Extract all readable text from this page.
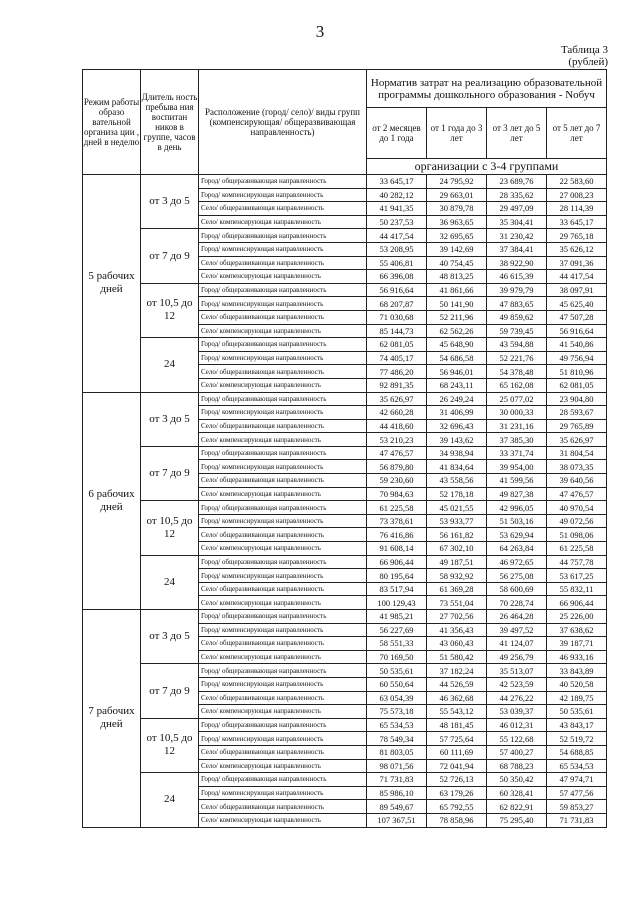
3
Таблица 3
(рублей)
Режим работы образо вательной организа ции , дней в неделю	Длитель ность пребыва ния воспитан ников в группе, часов в день	Расположение (город/ село)/ виды групп (компенсирующая/ общеразвивающая направленность)	Норматив затрат на реализацию образовательной программы дошкольного образования - Nобуч			
			от 2 месяцев до 1 года	от 1 года до 3 лет	от 3 лет до 5 лет	от 5 лет до 7 лет
			организации с 3-4 группами			
5 рабочих дней	от 3 до 5	Город/ общеразвивающая направленность	33 645,17	24 795,92	23 689,76	22 583,60
		Город/ компенсирующая направленность	40 282,12	29 663,01	28 335,62	27 008,23
		Село/ общеразвивающая направленность	41 941,35	30 879,78	29 497,09	28 114,39
		Село/ компенсирующая направленность	50 237,53	36 963,65	35 304,41	33 645,17
	от 7 до 9	Город/ общеразвивающая направленность	44 417,54	32 695,65	31 230,42	29 765,18
		Город/ компенсирующая направленность	53 208,95	39 142,69	37 384,41	35 626,12
		Село/ общеразвивающая направленность	55 406,81	40 754,45	38 922,90	37 091,36
		Село/ компенсирующая направленность	66 396,08	48 813,25	46 615,39	44 417,54
	от 10,5 до 12	Город/ общеразвивающая направленность	56 916,64	41 861,66	39 979,79	38 097,91
		Город/ компенсирующая направленность	68 207,87	50 141,90	47 883,65	45 625,40
		Село/ общеразвивающая направленность	71 030,68	52 211,96	49 859,62	47 507,28
		Село/ компенсирующая направленность	85 144,73	62 562,26	59 739,45	56 916,64
	24	Город/ общеразвивающая направленность	62 081,05	45 648,90	43 594,88	41 540,86
		Город/ компенсирующая направленность	74 405,17	54 686,58	52 221,76	49 756,94
		Село/ общеразвивающая направленность	77 486,20	56 946,01	54 378,48	51 810,96
		Село/ компенсирующая направленность	92 891,35	68 243,11	65 162,08	62 081,05
6 рабочих дней	от 3 до 5	Город/ общеразвивающая направленность	35 626,97	26 249,24	25 077,02	23 904,80
		Город/ компенсирующая направленность	42 660,28	31 406,99	30 000,33	28 593,67
		Село/ общеразвивающая направленность	44 418,60	32 696,43	31 231,16	29 765,89
		Село/ компенсирующая направленность	53 210,23	39 143,62	37 385,30	35 626,97
	от 7 до 9	Город/ общеразвивающая направленность	47 476,57	34 938,94	33 371,74	31 804,54
		Город/ компенсирующая направленность	56 879,80	41 834,64	39 954,00	38 073,35
		Село/ общеразвивающая направленность	59 230,60	43 558,56	41 599,56	39 640,56
		Село/ компенсирующая направленность	70 984,63	52 178,18	49 827,38	47 476,57
	от 10,5 до 12	Город/ общеразвивающая направленность	61 225,58	45 021,55	42 996,05	40 970,54
		Город/ компенсирующая направленность	73 378,61	53 933,77	51 503,16	49 072,56
		Село/ общеразвивающая направленность	76 416,86	56 161,82	53 629,94	51 098,06
		Село/ компенсирующая направленность	91 608,14	67 302,10	64 263,84	61 225,58
	24	Город/ общеразвивающая направленность	66 906,44	49 187,51	46 972,65	44 757,78
		Город/ компенсирующая направленность	80 195,64	58 932,92	56 275,08	53 617,25
		Село/ общеразвивающая направленность	83 517,94	61 369,28	58 600,69	55 832,11
		Село/ компенсирующая направленность	100 129,43	73 551,04	70 228,74	66 906,44
7 рабочих дней	от 3 до 5	Город/ общеразвивающая направленность	41 985,21	27 702,56	26 464,28	25 226,00
		Город/ компенсирующая направленность	56 227,69	41 356,43	39 497,52	37 638,62
		Село/ общеразвивающая направленность	58 551,33	43 060,43	41 124,07	39 187,71
		Село/ компенсирующая направленность	70 169,50	51 580,42	49 256,79	46 933,16
	от 7 до 9	Город/ общеразвивающая направленность	50 535,61	37 182,24	35 513,07	33 843,89
		Город/ компенсирующая направленность	60 550,64	44 526,59	42 523,59	40 520,58
		Село/ общеразвивающая направленность	63 054,39	46 362,68	44 276,22	42 189,75
		Село/ компенсирующая направленность	75 573,18	55 543,12	53 039,37	50 535,61
	от 10,5 до 12	Город/ общеразвивающая направленность	65 534,53	48 181,45	46 012,31	43 843,17
		Город/ компенсирующая направленность	78 549,34	57 725,64	55 122,68	52 519,72
		Село/ общеразвивающая направленность	81 803,05	60 111,69	57 400,27	54 688,85
		Село/ компенсирующая направленность	98 071,56	72 041,94	68 788,23	65 534,53
	24	Город/ общеразвивающая направленность	71 731,83	52 726,13	50 350,42	47 974,71
		Город/ компенсирующая направленность	85 986,10	63 179,26	60 328,41	57 477,56
		Село/ общеразвивающая направленность	89 549,67	65 792,55	62 822,91	59 853,27
		Село/ компенсирующая направленность	107 367,51	78 858,96	75 295,40	71 731,83
